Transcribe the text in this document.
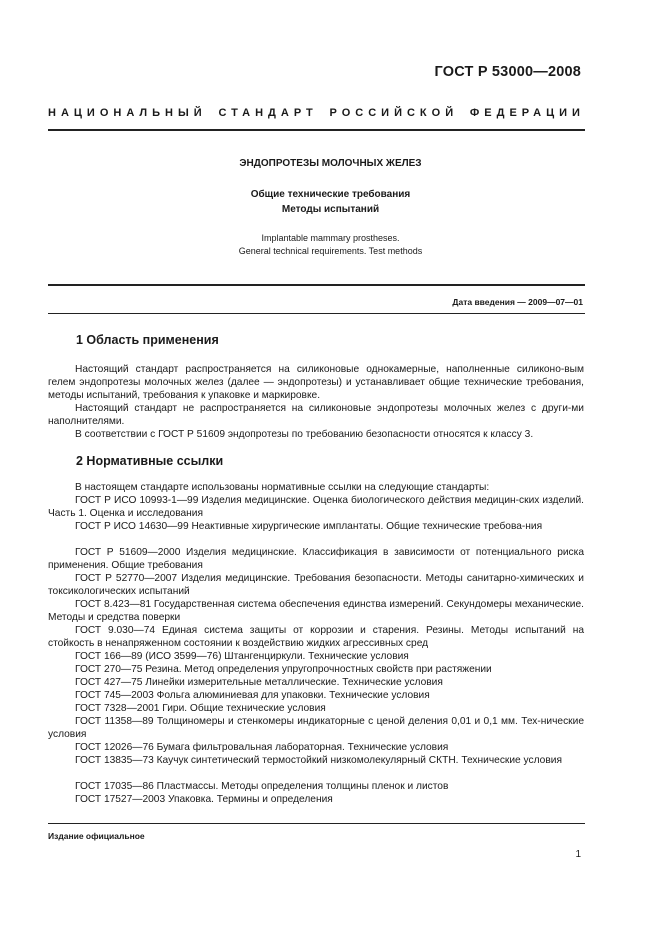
ГОСТ Р 53000—2008
НАЦИОНАЛЬНЫЙ СТАНДАРТ РОССИЙСКОЙ ФЕДЕРАЦИИ
ЭНДОПРОТЕЗЫ МОЛОЧНЫХ ЖЕЛЕЗ
Общие технические требования
Методы испытаний
Implantable mammary prostheses.
General technical requirements. Test methods
Дата введения — 2009—07—01
1 Область применения
Настоящий стандарт распространяется на силиконовые однокамерные, наполненные силиконо-вым гелем эндопротезы молочных желез (далее — эндопротезы) и устанавливает общие технические требования, методы испытаний, требования к упаковке и маркировке.
Настоящий стандарт не распространяется на силиконовые эндопротезы молочных желез с други-ми наполнителями.
В соответствии с ГОСТ Р 51609 эндопротезы по требованию безопасности относятся к классу 3.
2 Нормативные ссылки
В настоящем стандарте использованы нормативные ссылки на следующие стандарты:
ГОСТ Р ИСО 10993-1—99 Изделия медицинские. Оценка биологического действия медицин-ских изделий. Часть 1. Оценка и исследования
ГОСТ Р ИСО 14630—99 Неактивные хирургические имплантаты. Общие технические требова-ния
ГОСТ Р 51609—2000 Изделия медицинские. Классификация в зависимости от потенциального риска применения. Общие требования
ГОСТ Р 52770—2007 Изделия медицинские. Требования безопасности. Методы санитарно-химических и токсикологических испытаний
ГОСТ 8.423—81 Государственная система обеспечения единства измерений. Секундомеры механические. Методы и средства поверки
ГОСТ 9.030—74 Единая система защиты от коррозии и старения. Резины. Методы испытаний на стойкость в ненапряженном состоянии к воздействию жидких агрессивных сред
ГОСТ 166—89 (ИСО 3599—76) Штангенциркули. Технические условия
ГОСТ 270—75 Резина. Метод определения упругопрочностных свойств при растяжении
ГОСТ 427—75 Линейки измерительные металлические. Технические условия
ГОСТ 745—2003 Фольга алюминиевая для упаковки. Технические условия
ГОСТ 7328—2001 Гири. Общие технические условия
ГОСТ 11358—89 Толщиномеры и стенкомеры индикаторные с ценой деления 0,01 и 0,1 мм. Тех-нические условия
ГОСТ 12026—76 Бумага фильтровальная лабораторная. Технические условия
ГОСТ 13835—73 Каучук синтетический термостойкий низкомолекулярный СКТН. Технические условия
ГОСТ 17035—86 Пластмассы. Методы определения толщины пленок и листов
ГОСТ 17527—2003 Упаковка. Термины и определения
Издание официальное
1
